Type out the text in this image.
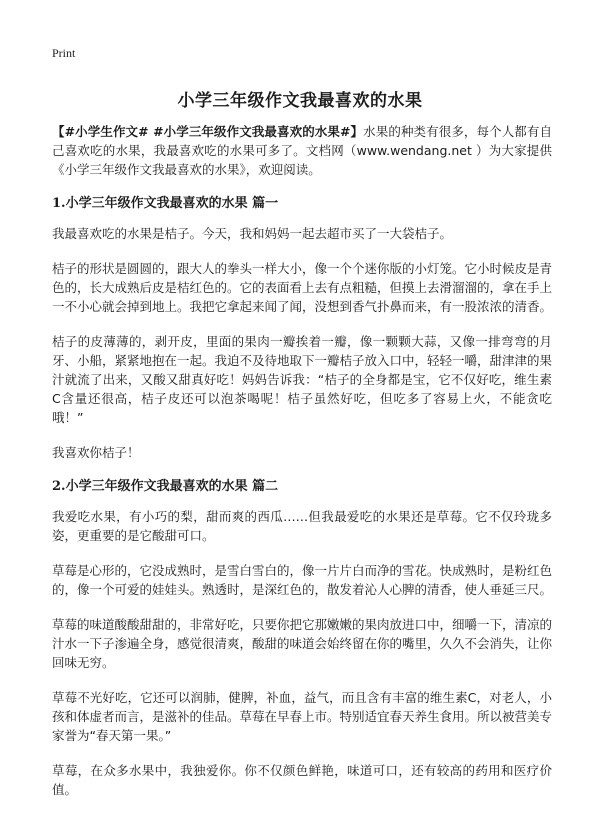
Print
小学三年级作文我最喜欢的水果

【#小学生作文# #小学三年级作文我最喜欢的水果#】水果的种类有很多，每个人都有自己喜欢吃的水果，我最喜欢吃的水果可多了。文档网（www.wendang.net ）为大家提供《小学三年级作文我最喜欢的水果》，欢迎阅读。

1.小学三年级作文我最喜欢的水果 篇一

我最喜欢吃的水果是桔子。今天，我和妈妈一起去超市买了一大袋桔子。

桔子的形状是圆圆的，跟大人的拳头一样大小，像一个个迷你版的小灯笼。它小时候皮是青色的，长大成熟后皮是桔红色的。它的表面看上去有点粗糙，但摸上去滑溜溜的，拿在手上一不小心就会掉到地上。我把它拿起来闻了闻，没想到香气扑鼻而来，有一股浓浓的清香。

桔子的皮薄薄的，剥开皮，里面的果肉一瓣挨着一瓣，像一颗颗大蒜，又像一排弯弯的月牙、小船，紧紧地抱在一起。我迫不及待地取下一瓣桔子放入口中，轻轻一嚼，甜津津的果汁就流了出来，又酸又甜真好吃！妈妈告诉我：“桔子的全身都是宝，它不仅好吃，维生素C含量还很高，桔子皮还可以泡茶喝呢！桔子虽然好吃，但吃多了容易上火，不能贪吃哦！”

我喜欢你桔子！

2.小学三年级作文我最喜欢的水果 篇二

我爱吃水果，有小巧的梨，甜而爽的西瓜……但我最爱吃的水果还是草莓。它不仅玲珑多姿，更重要的是它酸甜可口。

草莓是心形的，它没成熟时，是雪白雪白的，像一片片白而净的雪花。快成熟时，是粉红色的，像一个可爱的娃娃头。熟透时，是深红色的，散发着沁人心脾的清香，使人垂延三尺。

草莓的味道酸酸甜甜的，非常好吃，只要你把它那嫩嫩的果肉放进口中，细嚼一下，清凉的汁水一下子渗遍全身，感觉很清爽，酸甜的味道会始终留在你的嘴里，久久不会消失，让你回味无穷。

草莓不光好吃，它还可以润肺，健脾，补血，益气，而且含有丰富的维生素C，对老人，小孩和体虚者而言，是滋补的佳品。草莓在早春上市。特别适宜春天养生食用。所以被营美专家誉为“春天第一果。”

草莓，在众多水果中，我独爱你。你不仅颜色鲜艳，味道可口，还有较高的药用和医疗价值。
